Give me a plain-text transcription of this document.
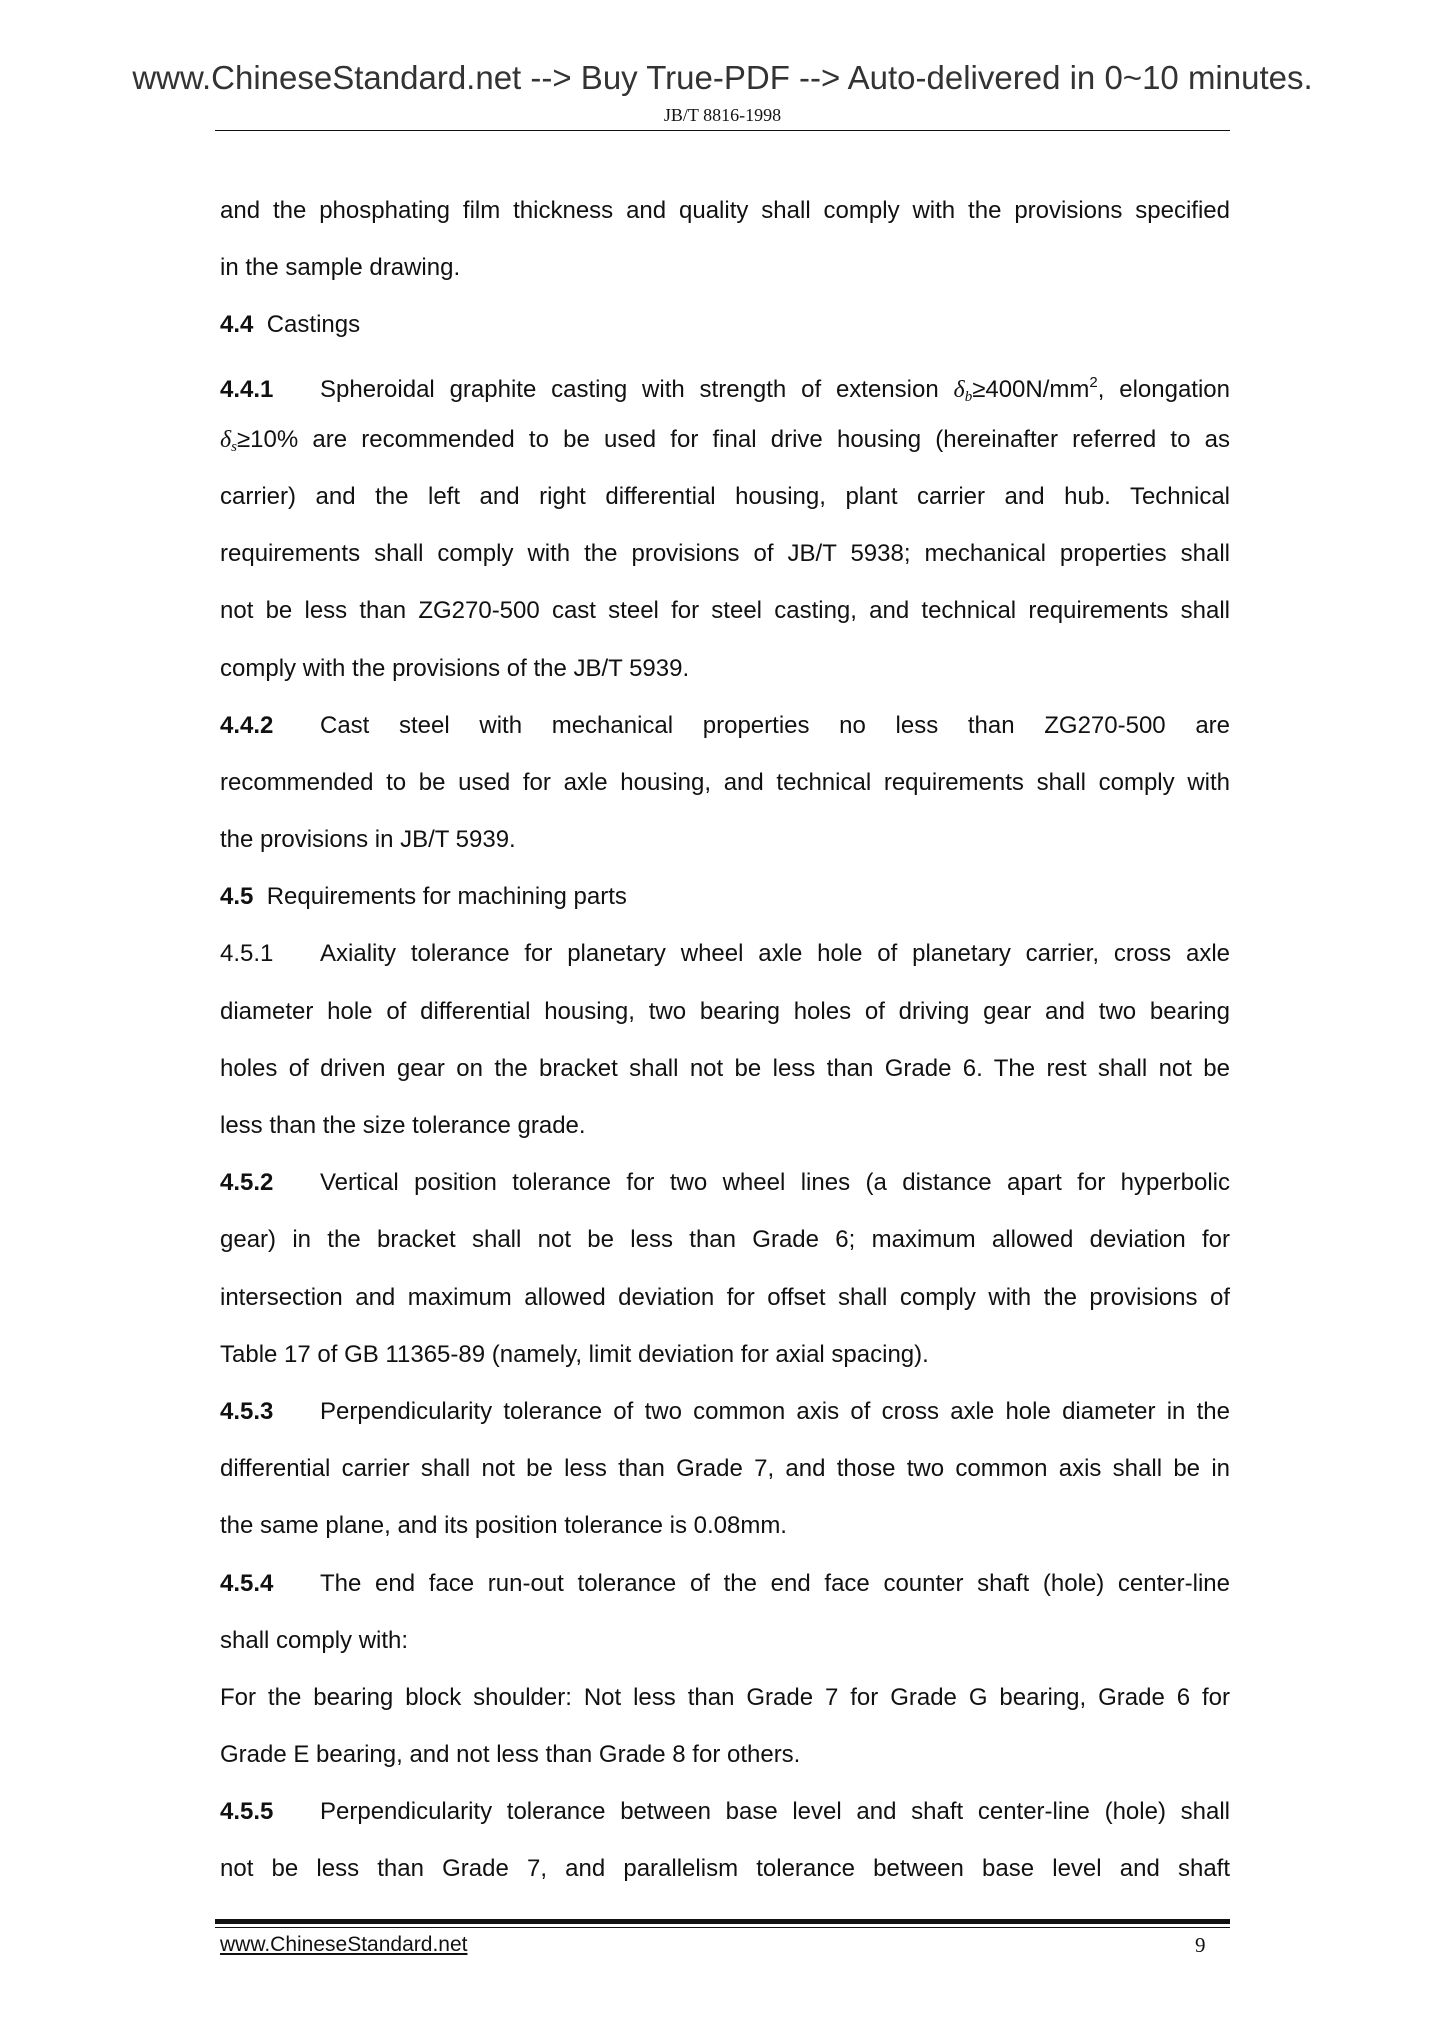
www.ChineseStandard.net --> Buy True-PDF --> Auto-delivered in 0~10 minutes.
JB/T 8816-1998
and the phosphating film thickness and quality shall comply with the provisions specified
in the sample drawing.
4.4 Castings
4.4.1 Spheroidal graphite casting with strength of extension $\delta_b\ge 400N/mm^2$, elongation
$\delta_s\ge 10\%$ are recommended to be used for final drive housing (hereinafter referred to as
carrier) and the left and right differential housing, plant carrier and hub. Technical
requirements shall comply with the provisions of JB/T 5938; mechanical properties shall
not be less than ZG270-500 cast steel for steel casting, and technical requirements shall
comply with the provisions of the JB/T 5939.
4.4.2 Cast steel with mechanical properties no less than ZG270-500 are
recommended to be used for axle housing, and technical requirements shall comply with
the provisions in JB/T 5939.
4.5 Requirements for machining parts
4.5.1 Axiality tolerance for planetary wheel axle hole of planetary carrier, cross axle
diameter hole of differential housing, two bearing holes of driving gear and two bearing
holes of driven gear on the bracket shall not be less than Grade 6. The rest shall not be
less than the size tolerance grade.
4.5.2 Vertical position tolerance for two wheel lines (a distance apart for hyperbolic
gear) in the bracket shall not be less than Grade 6; maximum allowed deviation for
intersection and maximum allowed deviation for offset shall comply with the provisions of
Table 17 of GB 11365-89 (namely, limit deviation for axial spacing).
4.5.3 Perpendicularity tolerance of two common axis of cross axle hole diameter in the
differential carrier shall not be less than Grade 7, and those two common axis shall be in
the same plane, and its position tolerance is 0.08mm.
4.5.4 The end face run-out tolerance of the end face counter shaft (hole) center-line
shall comply with:
For the bearing block shoulder: Not less than Grade 7 for Grade G bearing, Grade 6 for
Grade E bearing, and not less than Grade 8 for others.
4.5.5 Perpendicularity tolerance between base level and shaft center-line (hole) shall
not be less than Grade 7, and parallelism tolerance between base level and shaft
www.ChineseStandard.net	9
